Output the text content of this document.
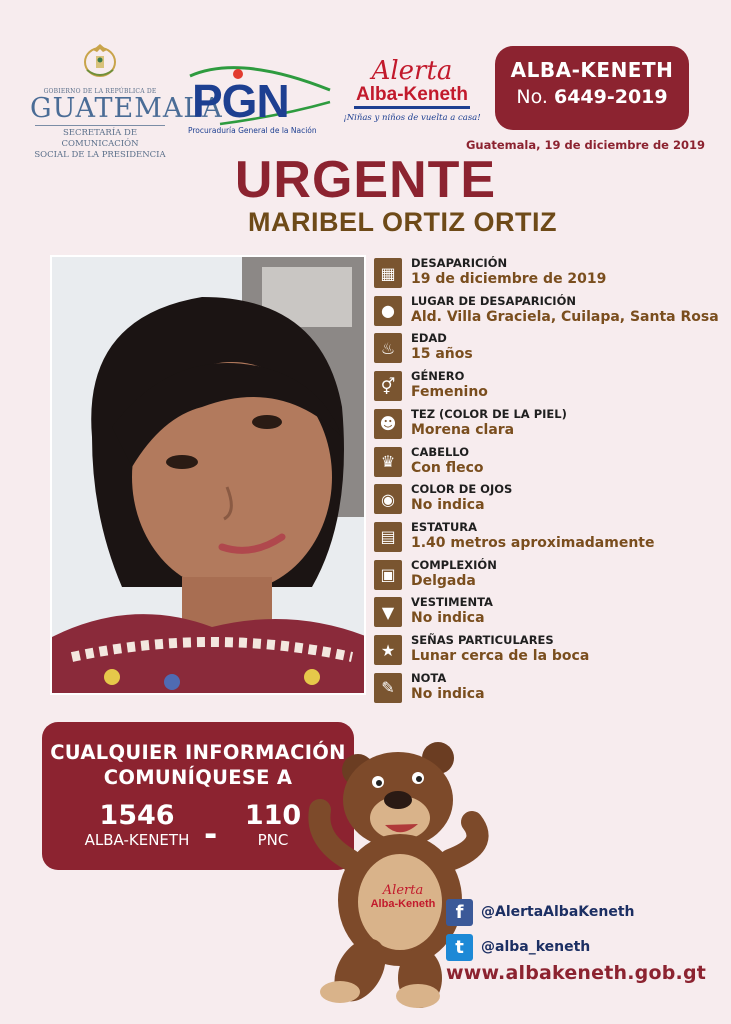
GOBIERNO DE LA REPÚBLICA DE
GUATEMALA
SECRETARÍA DE COMUNICACIÓN
SOCIAL DE LA PRESIDENCIA
PGN
Procuraduría General de la Nación
Alerta
Alba-Keneth
¡Niñas y niños de vuelta a casa!
ALBA-KENETH
No. 6449-2019
Guatemala, 19 de diciembre de 2019
URGENTE
MARIBEL ORTIZ ORTIZ
▦
DESAPARICIÓN
19 de diciembre de 2019
●
LUGAR DE DESAPARICIÓN
Ald. Villa Graciela, Cuilapa, Santa Rosa
♨
EDAD
15 años
⚥
GÉNERO
Femenino
☻
TEZ (COLOR DE LA PIEL)
Morena clara
♛
CABELLO
Con fleco
◉
COLOR DE OJOS
No indica
▤
ESTATURA
1.40 metros aproximadamente
▣
COMPLEXIÓN
Delgada
▼
VESTIMENTA
No indica
★
SEÑAS PARTICULARES
Lunar cerca de la boca
✎
NOTA
No indica
CUALQUIER INFORMACIÓN
COMUNÍQUESE A
1546
ALBA-KENETH
110
PNC
-
Alerta
Alba-Keneth	f	@AlertaAlbaKeneth
t	@alba_keneth
www.albakeneth.gob.gt
